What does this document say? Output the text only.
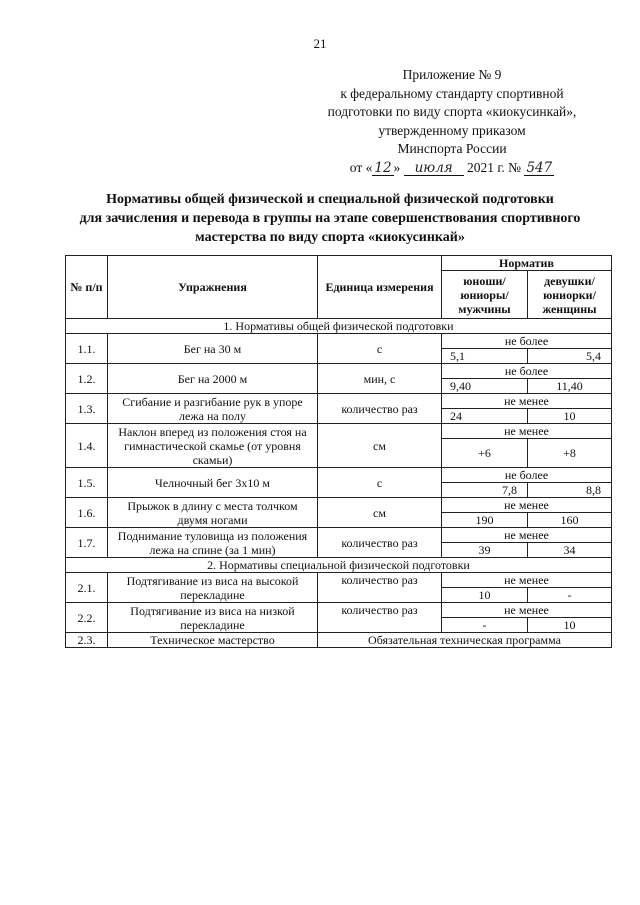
21
Приложение № 9
к федеральному стандарту спортивной
подготовки по виду спорта «киокусинкай»,
утвержденному приказом
Минспорта России
от « 12 » июля 2021 г. № 547
Нормативы общей физической и специальной физической подготовки
для зачисления и перевода в группы на этапе совершенствования спортивного
мастерства по виду спорта «киокусинкай»
№ п/п	Упражнения	Единица измерения	Норматив	
			юноши/ юниоры/ мужчины	девушки/ юниорки/ женщины
1. Нормативы общей физической подготовки				
1.1.	Бег на 30 м	с	не более	
			5,1	5,4
1.2.	Бег на 2000 м	мин, с	не более	
			9,40	11,40
1.3.	Сгибание и разгибание рук в упоре лежа на полу	количество раз	не менее	
			24	10
1.4.	Наклон вперед из положения стоя на гимнастической скамье (от уровня скамьи)	см	не менее	
			+6	+8
1.5.	Челночный бег 3x10 м	с	не более	
			7,8	8,8
1.6.	Прыжок в длину с места толчком двумя ногами	см	не менее	
			190	160
1.7.	Поднимание туловища из положения лежа на спине (за 1 мин)	количество раз	не менее	
			39	34
2. Нормативы специальной физической подготовки				
2.1.	Подтягивание из виса на высокой перекладине	количество раз	не менее	
			10	-
2.2.	Подтягивание из виса на низкой перекладине	количество раз	не менее	
			-	10
2.3.	Техническое мастерство	Обязательная техническая программа		
